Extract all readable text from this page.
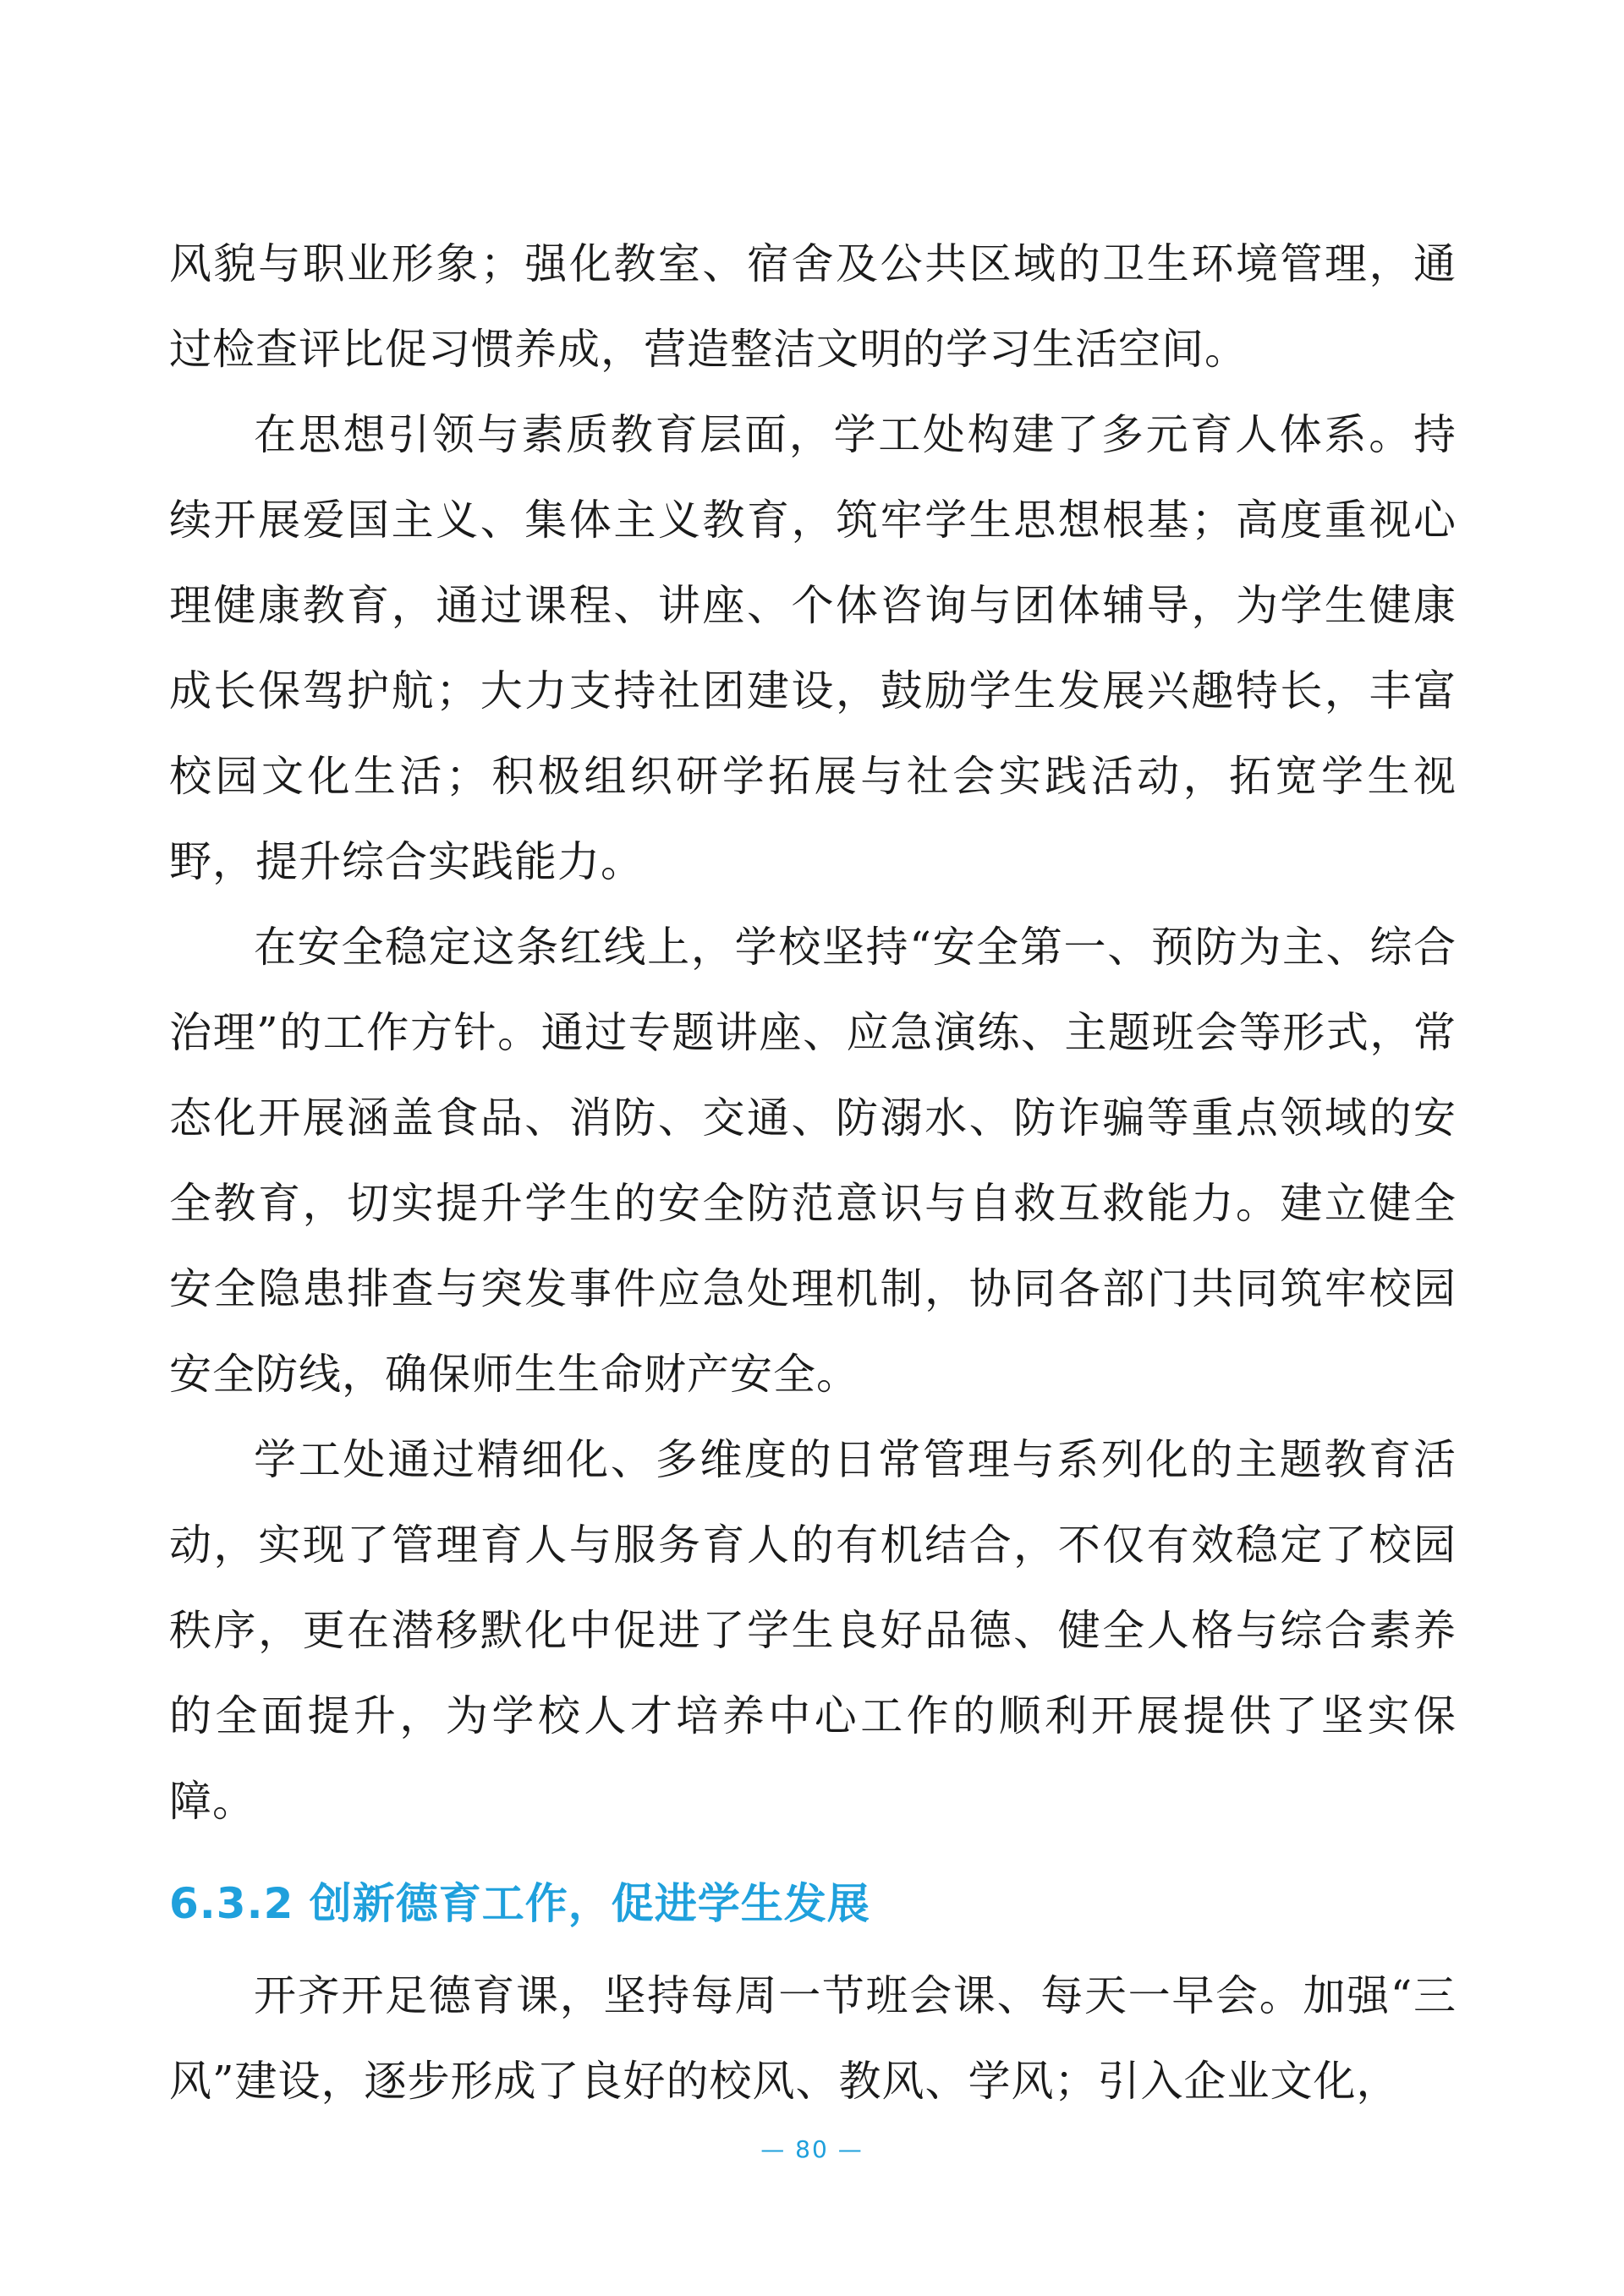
风貌与职业形象；强化教室、宿舍及公共区域的卫生环境管理，通过检查评比促习惯养成，营造整洁文明的学习生活空间。

在思想引领与素质教育层面，学工处构建了多元育人体系。持续开展爱国主义、集体主义教育，筑牢学生思想根基；高度重视心理健康教育，通过课程、讲座、个体咨询与团体辅导，为学生健康成长保驾护航；大力支持社团建设，鼓励学生发展兴趣特长，丰富校园文化生活；积极组织研学拓展与社会实践活动，拓宽学生视野，提升综合实践能力。

在安全稳定这条红线上，学校坚持“安全第一、预防为主、综合治理”的工作方针。通过专题讲座、应急演练、主题班会等形式，常态化开展涵盖食品、消防、交通、防溺水、防诈骗等重点领域的安全教育，切实提升学生的安全防范意识与自救互救能力。建立健全安全隐患排查与突发事件应急处理机制，协同各部门共同筑牢校园安全防线，确保师生生命财产安全。

学工处通过精细化、多维度的日常管理与系列化的主题教育活动，实现了管理育人与服务育人的有机结合，不仅有效稳定了校园秩序，更在潜移默化中促进了学生良好品德、健全人格与综合素养的全面提升，为学校人才培养中心工作的顺利开展提供了坚实保障。

6.3.2 创新德育工作，促进学生发展

开齐开足德育课，坚持每周一节班会课、每天一早会。加强“三风”建设，逐步形成了良好的校风、教风、学风；引入企业文化，

— 80 —
